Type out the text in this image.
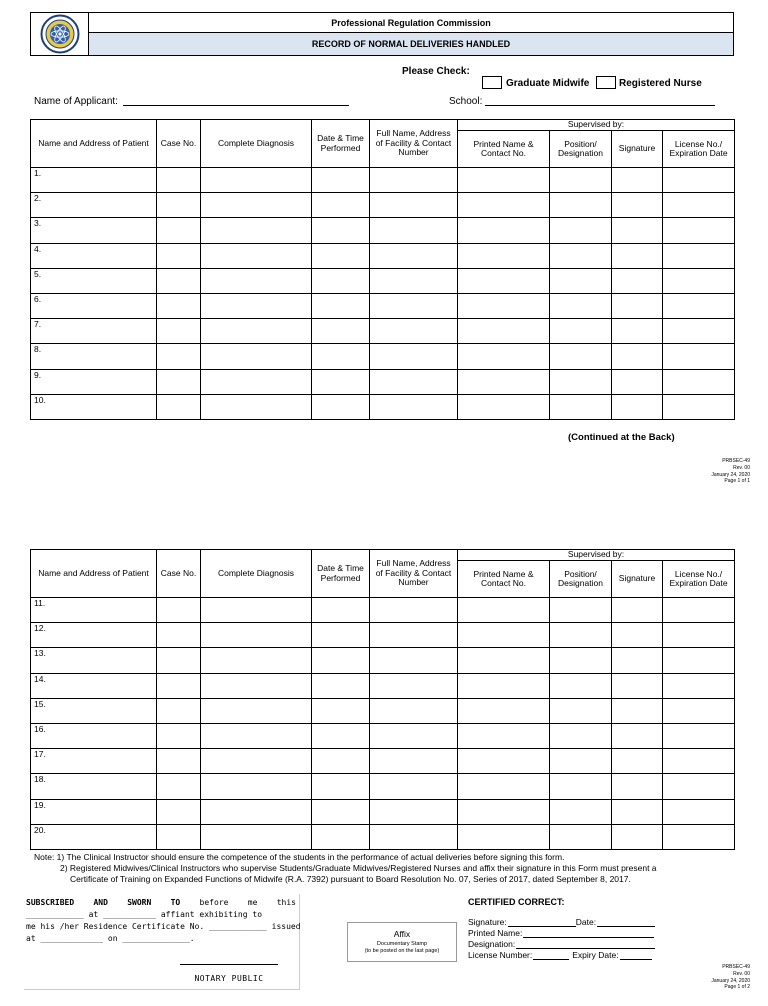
Professional Regulation Commission
RECORD OF NORMAL DELIVERIES HANDLED
Please Check:
Graduate Midwife	Registered Nurse
Name of Applicant:	School:
Name and Address of Patient	Case No.	Complete Diagnosis	Date & Time Performed	Full Name, Address of Facility & Contact Number	Supervised by:			
					Printed Name & Contact No.	Position/ Designation	Signature	License No./ Expiration Date
1.								
2.								
3.								
4.								
5.								
6.								
7.								
8.								
9.								
10.								
(Continued at the Back)
PRBSEC-49
Rev. 00
January 24, 2020
Page 1 of 1
Name and Address of Patient	Case No.	Complete Diagnosis	Date & Time Performed	Full Name, Address of Facility & Contact Number	Supervised by:			
					Printed Name & Contact No.	Position/ Designation	Signature	License No./ Expiration Date
11.								
12.								
13.								
14.								
15.								
16.								
17.								
18.								
19.								
20.								
Note: 1) The Clinical Instructor should ensure the competence of the students in the performance of actual deliveries before signing this form.
2) Registered Midwives/Clinical Instructors who supervise Students/Graduate Midwives/Registered Nurses and affix their signature in this Form must present a
Certificate of Training on Expanded Functions of Midwife (R.A. 7392) pursuant to Board Resolution No. 07, Series of 2017, dated September 8, 2017.
SUBSCRIBED AND SWORN TO before me this
____________ at ___________ affiant exhibiting to
me his /her Residence Certificate No. ____________ issued
at _____________ on ______________.
NOTARY PUBLIC
Affix
Documentary Stamp
(to be posted on the last page)
CERTIFIED CORRECT:
Signature:	Date:
Printed Name:
Designation:
License Number:	Expiry Date:
PRBSEC-49
Rev. 00
January 24, 2020
Page 1 of 2
